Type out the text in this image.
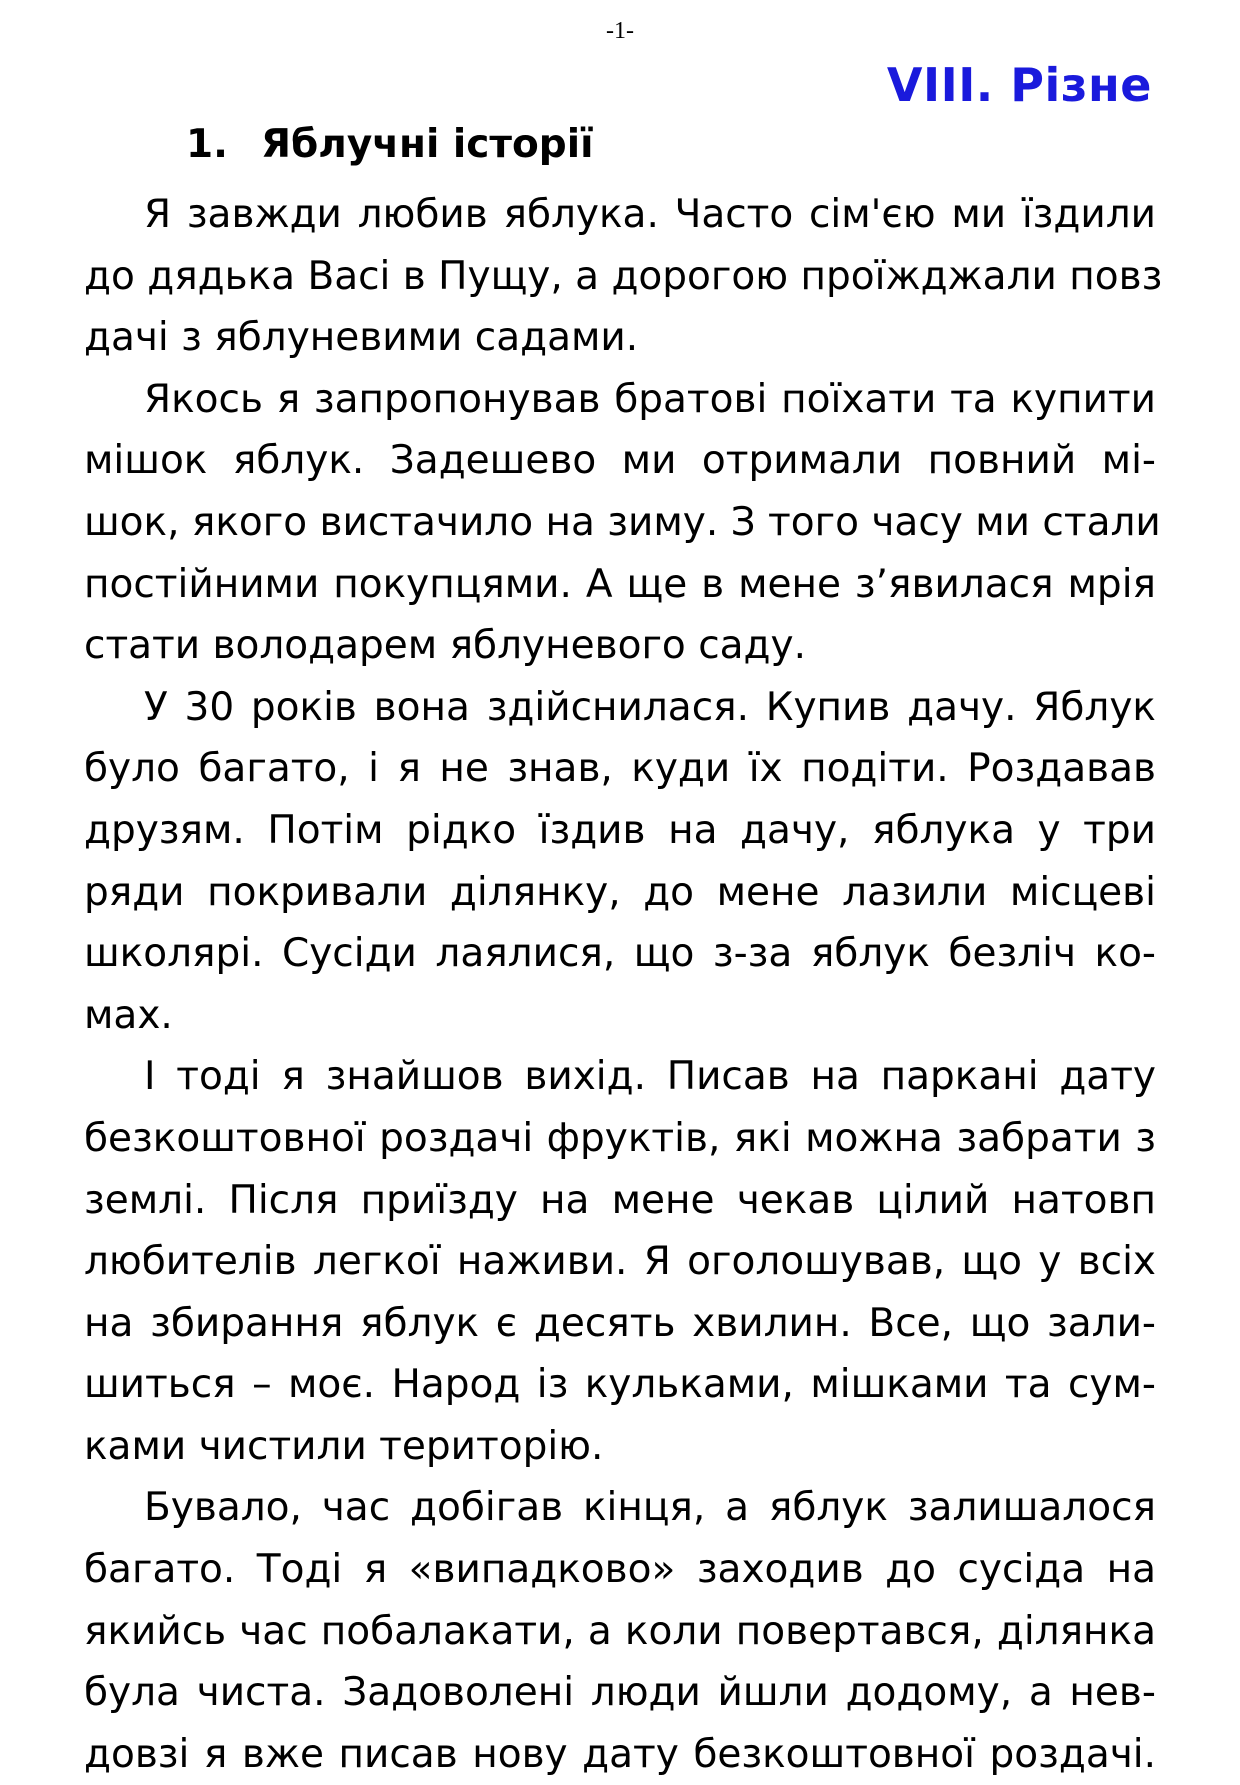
-1-
VIII. Різне
1. Яблучні історії
Я завжди любив яблука. Часто сім'єю ми їздили
до дядька Васі в Пущу, а дорогою проїжджали повз
дачі з яблуневими садами.
Якось я запропонував братові поїхати та купити
мішок яблук. Задешево ми отримали повний мі-
шок, якого вистачило на зиму. З того часу ми стали
постійними покупцями. А ще в мене з’явилася мрія
стати володарем яблуневого саду.
У 30 років вона здійснилася. Купив дачу. Яблук
було багато, і я не знав, куди їх подіти. Роздавав
друзям. Потім рідко їздив на дачу, яблука у три
ряди покривали ділянку, до мене лазили місцеві
школярі. Сусіди лаялися, що з-за яблук безліч ко-
мах.
І тоді я знайшов вихід. Писав на паркані дату
безкоштовної роздачі фруктів, які можна забрати з
землі. Після приїзду на мене чекав цілий натовп
любителів легкої наживи. Я оголошував, що у всіх
на збирання яблук є десять хвилин. Все, що зали-
шиться – моє. Народ із кульками, мішками та сум-
ками чистили територію.
Бувало, час добігав кінця, а яблук залишалося
багато. Тоді я «випадково» заходив до сусіда на
якийсь час побалакати, а коли повертався, ділянка
була чиста. Задоволені люди йшли додому, а нев-
довзі я вже писав нову дату безкоштовної роздачі.
